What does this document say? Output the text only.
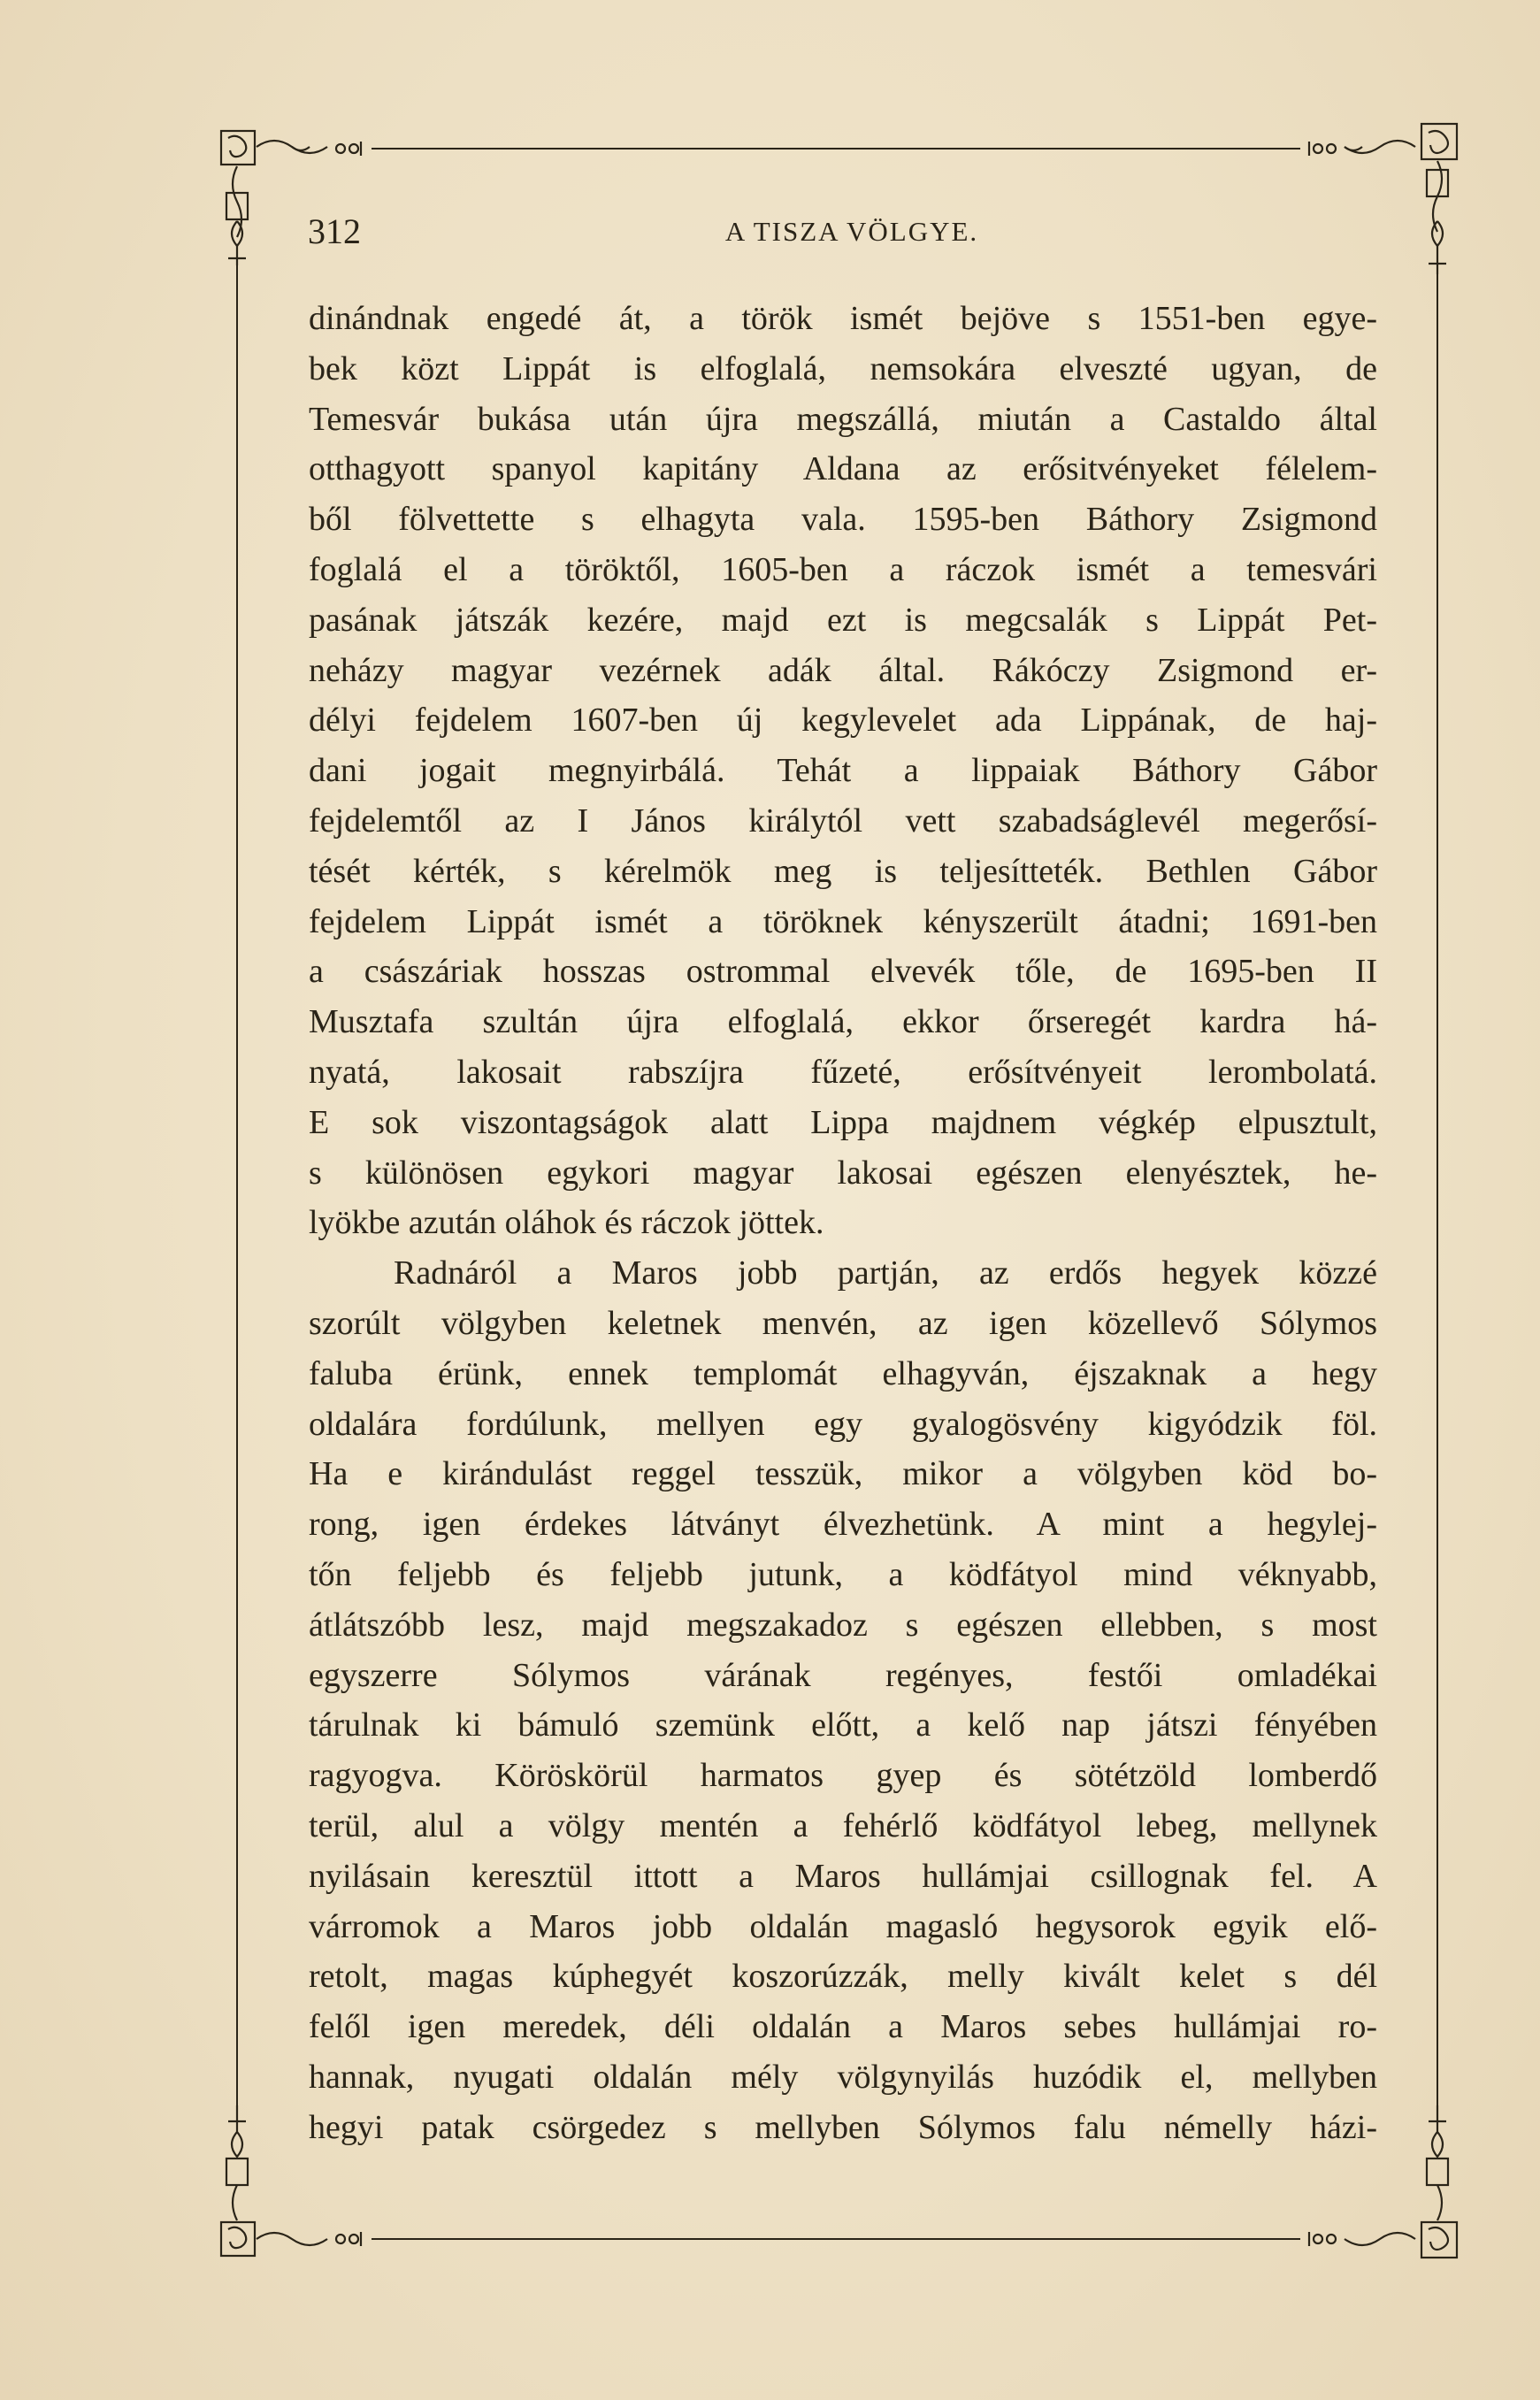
312	A TISZA VÖLGYE.
dinándnak engedé át, a török ismét bejöve s 1551-ben egye-
bek közt Lippát is elfoglalá, nemsokára elveszté ugyan, de
Temesvár bukása után újra megszállá, miután a Castaldo által
otthagyott spanyol kapitány Aldana az erősitvényeket félelem-
ből fölvettette s elhagyta vala. 1595-ben Báthory Zsigmond
foglalá el a töröktől, 1605-ben a ráczok ismét a temesvári
pasának játszák kezére, majd ezt is megcsalák s Lippát Pet-
neházy magyar vezérnek adák által. Rákóczy Zsigmond er-
délyi fejdelem 1607-ben új kegylevelet ada Lippának, de haj-
dani jogait megnyirbálá. Tehát a lippaiak Báthory Gábor
fejdelemtől az I János királytól vett szabadságlevél megerősí-
tését kérték, s kérelmök meg is teljesítteték. Bethlen Gábor
fejdelem Lippát ismét a töröknek kényszerült átadni; 1691-ben
a császáriak hosszas ostrommal elvevék tőle, de 1695-ben II
Musztafa szultán újra elfoglalá, ekkor őrseregét kardra há-
nyatá, lakosait rabszíjra fűzeté, erősítvényeit lerombolatá.
E sok viszontagságok alatt Lippa majdnem végkép elpusztult,
s különösen egykori magyar lakosai egészen elenyésztek, he-
lyökbe azután oláhok és ráczok jöttek.
Radnáról a Maros jobb partján, az erdős hegyek közzé
szorúlt völgyben keletnek menvén, az igen közellevő Sólymos
faluba érünk, ennek templomát elhagyván, éjszaknak a hegy
oldalára fordúlunk, mellyen egy gyalogösvény kigyódzik föl.
Ha e kirándulást reggel tesszük, mikor a völgyben köd bo-
rong, igen érdekes látványt élvezhetünk. A mint a hegylej-
tőn feljebb és feljebb jutunk, a ködfátyol mind véknyabb,
átlátszóbb lesz, majd megszakadoz s egészen ellebben, s most
egyszerre Sólymos várának regényes, festői omladékai
tárulnak ki bámuló szemünk előtt, a kelő nap játszi fényében
ragyogva. Köröskörül harmatos gyep és sötétzöld lomberdő
terül, alul a völgy mentén a fehérlő ködfátyol lebeg, mellynek
nyilásain keresztül ittott a Maros hullámjai csillognak fel. A
várromok a Maros jobb oldalán magasló hegysorok egyik elő-
retolt, magas kúphegyét koszorúzzák, melly kivált kelet s dél
felől igen meredek, déli oldalán a Maros sebes hullámjai ro-
hannak, nyugati oldalán mély völgynyilás huzódik el, mellyben
hegyi patak csörgedez s mellyben Sólymos falu némelly házi-
